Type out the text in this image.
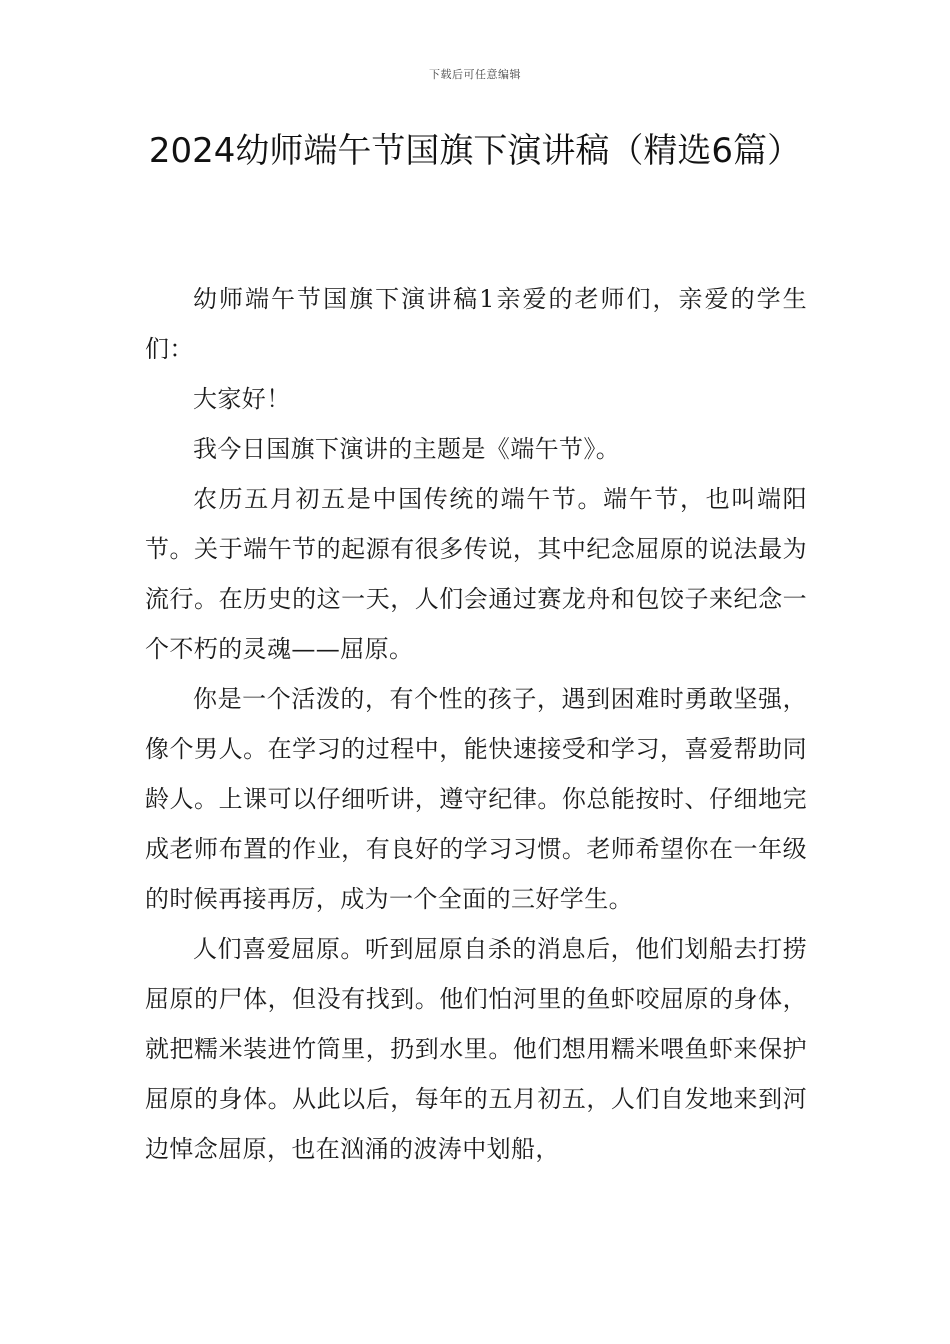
下载后可任意编辑
2024幼师端午节国旗下演讲稿（精选6篇）

幼师端午节国旗下演讲稿1亲爱的老师们，亲爱的学生们：

大家好！

我今日国旗下演讲的主题是《端午节》。

农历五月初五是中国传统的端午节。端午节，也叫端阳节。关于端午节的起源有很多传说，其中纪念屈原的说法最为流行。在历史的这一天，人们会通过赛龙舟和包饺子来纪念一个不朽的灵魂——屈原。

你是一个活泼的，有个性的孩子，遇到困难时勇敢坚强，像个男人。在学习的过程中，能快速接受和学习，喜爱帮助同龄人。上课可以仔细听讲，遵守纪律。你总能按时、仔细地完成老师布置的作业，有良好的学习习惯。老师希望你在一年级的时候再接再厉，成为一个全面的三好学生。

人们喜爱屈原。听到屈原自杀的消息后，他们划船去打捞屈原的尸体，但没有找到。他们怕河里的鱼虾咬屈原的身体，就把糯米装进竹筒里，扔到水里。他们想用糯米喂鱼虾来保护屈原的身体。从此以后，每年的五月初五，人们自发地来到河边悼念屈原，也在汹涌的波涛中划船，
